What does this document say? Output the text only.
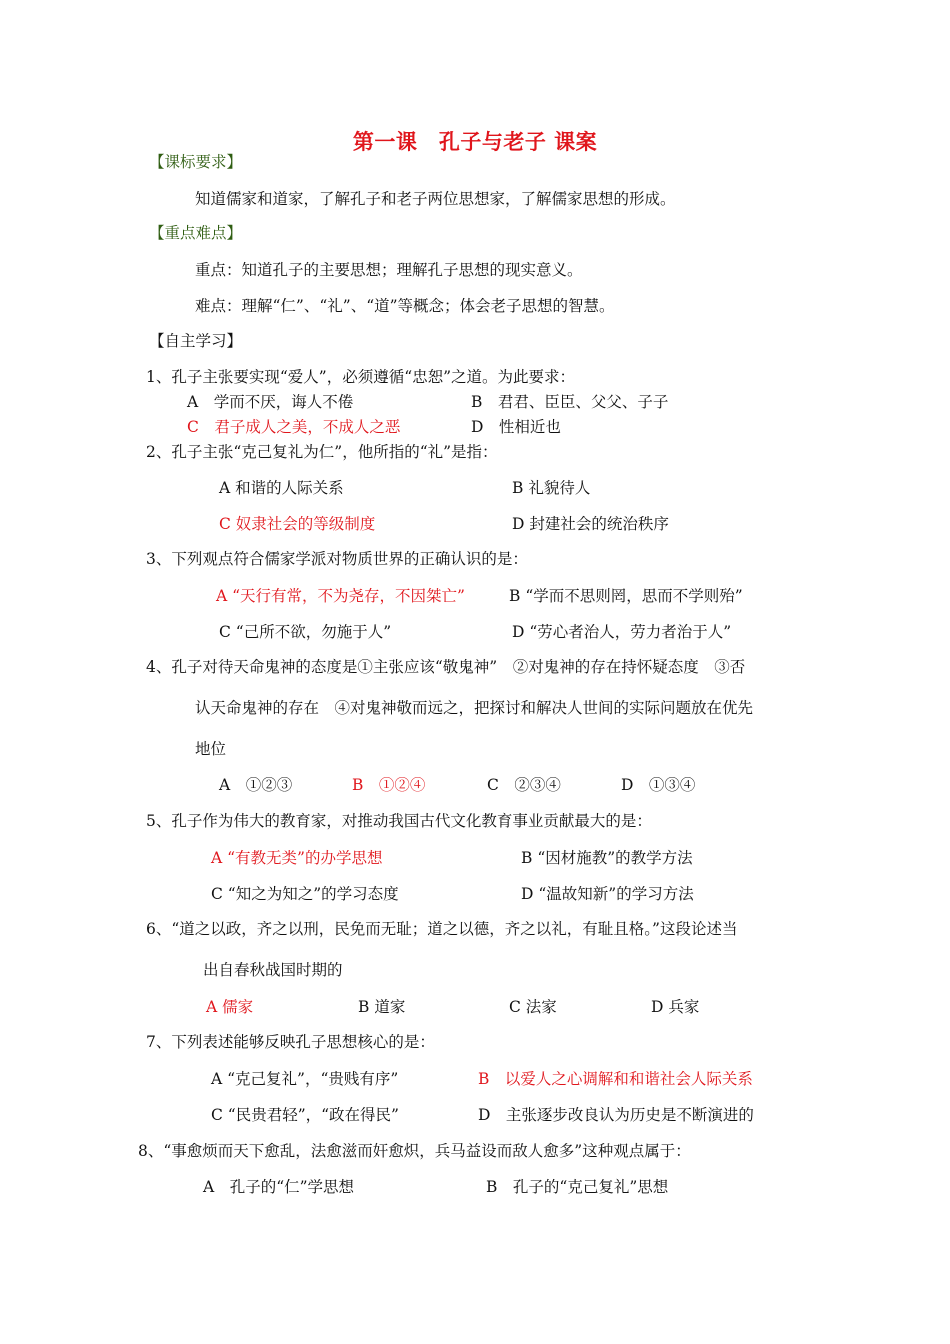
第一课　孔子与老子 课案
【课标要求】
知道儒家和道家，了解孔子和老子两位思想家，了解儒家思想的形成。
【重点难点】
重点：知道孔子的主要思想；理解孔子思想的现实意义。
难点：理解“仁”、“礼”、“道”等概念；体会老子思想的智慧。
【自主学习】
1、孔子主张要实现“爱人”，必须遵循“忠恕”之道。为此要求：
A　学而不厌，诲人不倦	B　君君、臣臣、父父、子子
C　君子成人之美，不成人之恶	D　性相近也
2、孔子主张“克己复礼为仁”，他所指的“礼”是指：
A 和谐的人际关系	B 礼貌待人
C 奴隶社会的等级制度	D 封建社会的统治秩序
3、下列观点符合儒家学派对物质世界的正确认识的是：
A “天行有常，不为尧存，不因桀亡”	B “学而不思则罔，思而不学则殆”
C “己所不欲，勿施于人”	D “劳心者治人，劳力者治于人”
4、孔子对待天命鬼神的态度是①主张应该“敬鬼神”　②对鬼神的存在持怀疑态度　③否
认天命鬼神的存在　④对鬼神敬而远之，把探讨和解决人世间的实际问题放在优先
地位
A　①②③	B　①②④	C　②③④	D　①③④
5、孔子作为伟大的教育家，对推动我国古代文化教育事业贡献最大的是：
A “有教无类”的办学思想	B “因材施教”的教学方法
C “知之为知之”的学习态度	D “温故知新”的学习方法
6、“道之以政，齐之以刑，民免而无耻；道之以德，齐之以礼，有耻且格。”这段论述当
出自春秋战国时期的
A 儒家	B 道家	C 法家	D 兵家
7、下列表述能够反映孔子思想核心的是：
A “克己复礼”，“贵贱有序”	B　以爱人之心调解和和谐社会人际关系
C “民贵君轻”，“政在得民”	D　主张逐步改良认为历史是不断演进的
8、“事愈烦而天下愈乱，法愈滋而奸愈炽，兵马益设而敌人愈多”这种观点属于：
A　孔子的“仁”学思想	B　孔子的“克己复礼”思想
